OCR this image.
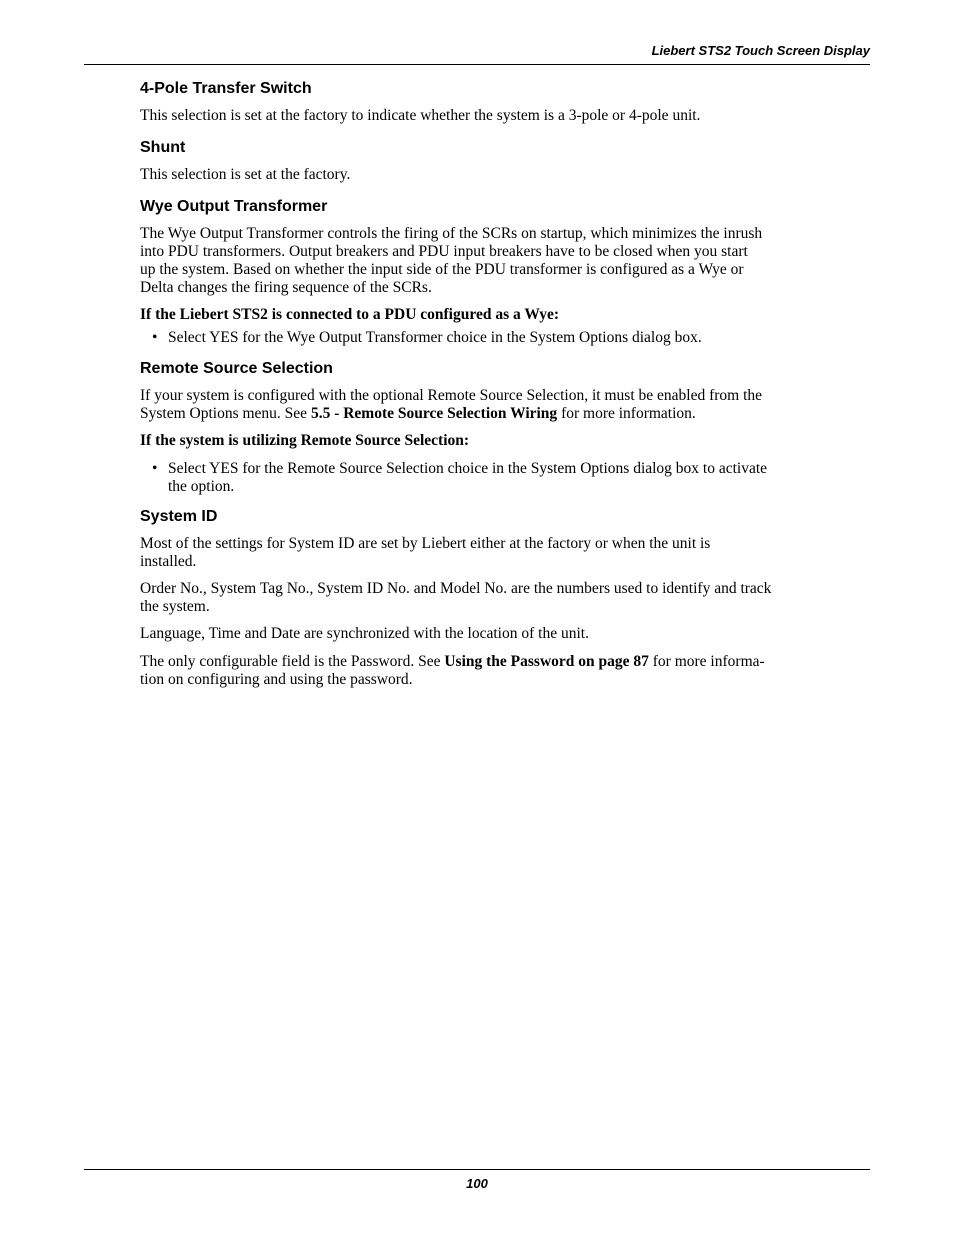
Liebert STS2 Touch Screen Display
4-Pole Transfer Switch

This selection is set at the factory to indicate whether the system is a 3-pole or 4-pole unit.

Shunt

This selection is set at the factory.

Wye Output Transformer

The Wye Output Transformer controls the firing of the SCRs on startup, which minimizes the inrush
into PDU transformers. Output breakers and PDU input breakers have to be closed when you start
up the system. Based on whether the input side of the PDU transformer is configured as a Wye or
Delta changes the firing sequence of the SCRs.

If the Liebert STS2 is connected to a PDU configured as a Wye:

• Select YES for the Wye Output Transformer choice in the System Options dialog box.
Remote Source Selection

If your system is configured with the optional Remote Source Selection, it must be enabled from the
System Options menu. See 5.5 - Remote Source Selection Wiring for more information.

If the system is utilizing Remote Source Selection:

• Select YES for the Remote Source Selection choice in the System Options dialog box to activate
the option.
System ID

Most of the settings for System ID are set by Liebert either at the factory or when the unit is
installed.

Order No., System Tag No., System ID No. and Model No. are the numbers used to identify and track
the system.

Language, Time and Date are synchronized with the location of the unit.

The only configurable field is the Password. See Using the Password on page 87 for more informa-
tion on configuring and using the password.

100
